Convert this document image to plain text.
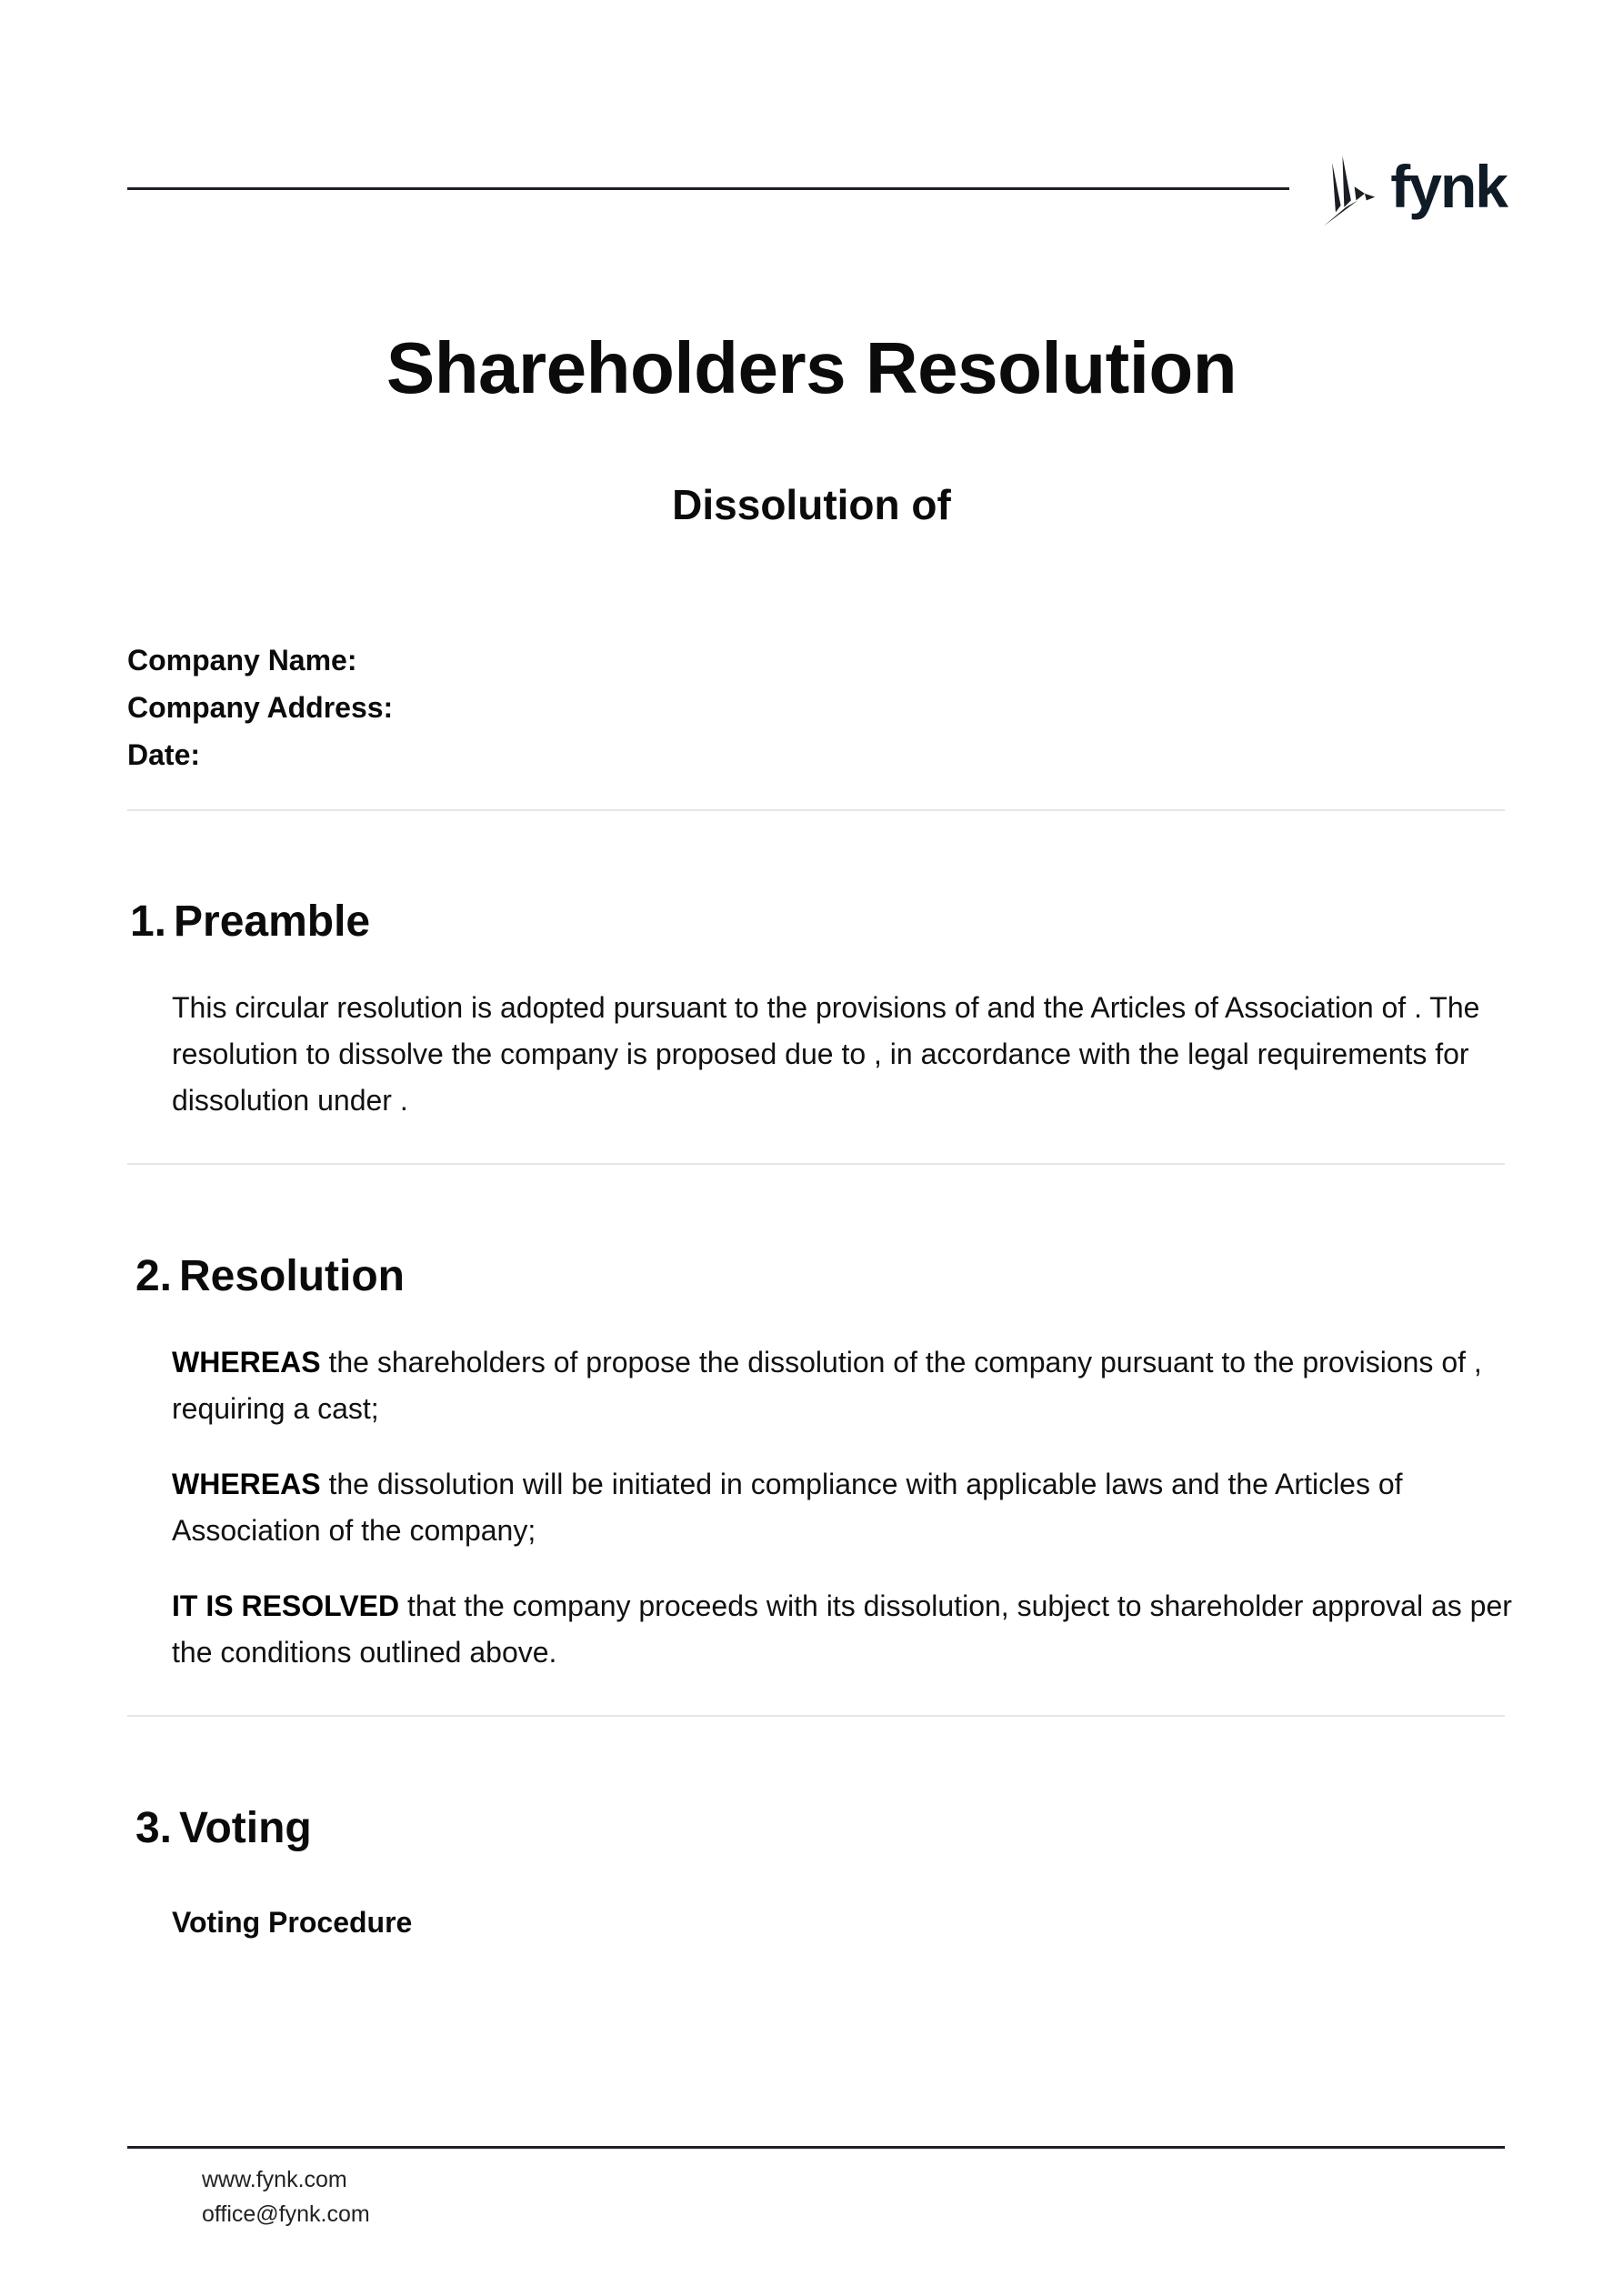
fynk
Shareholders Resolution
Dissolution of
Company Name:
Company Address:
Date:
1. Preamble

This circular resolution is adopted pursuant to the provisions of and the Articles of Association of . The resolution to dissolve the company is proposed due to , in accordance with the legal requirements for dissolution under .

2. Resolution

WHEREAS the shareholders of propose the dissolution of the company pursuant to the provisions of , requiring a cast;

WHEREAS the dissolution will be initiated in compliance with applicable laws and the Articles of Association of the company;

IT IS RESOLVED that the company proceeds with its dissolution, subject to shareholder approval as per the conditions outlined above.

3. Voting
Voting Procedure
www.fynk.com
office@fynk.com
